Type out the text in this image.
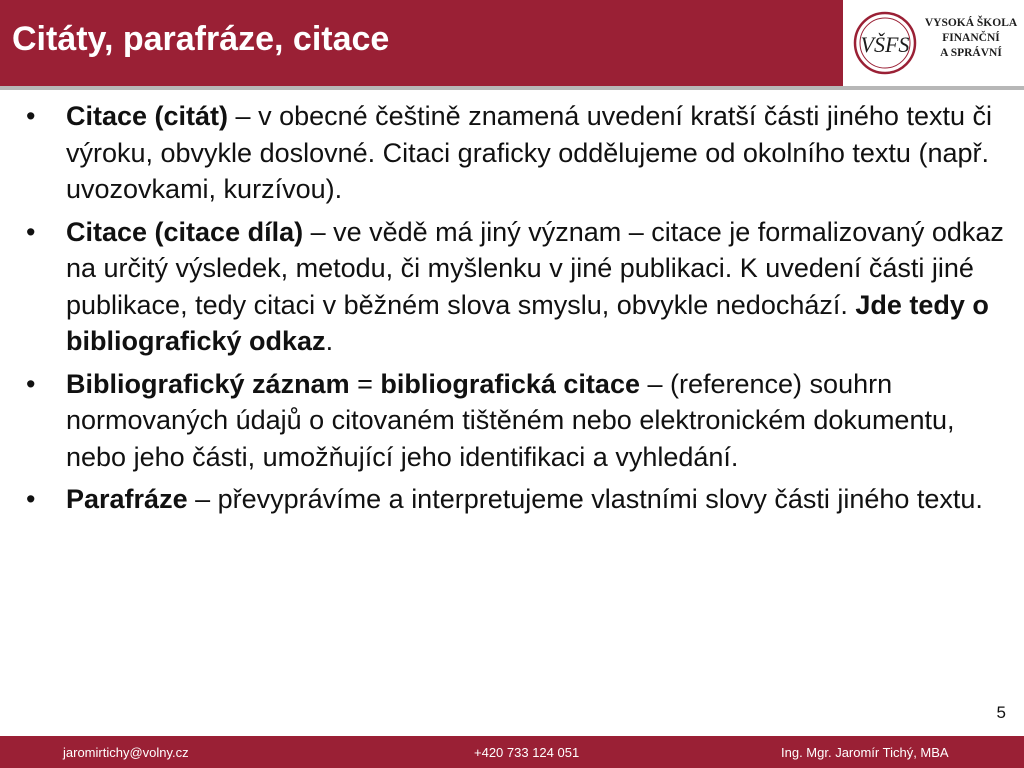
Citáty, parafráze, citace	VŠFS
VYSOKÁ ŠKOLA
FINANČNÍ
A SPRÁVNÍ
• Citace (citát) – v obecné češtině znamená uvedení kratší části jiného textu či výroku, obvykle doslovné. Citaci graficky oddělujeme od okolního textu (např. uvozovkami, kurzívou).
• Citace (citace díla) – ve vědě má jiný význam – citace je formalizovaný odkaz na určitý výsledek, metodu, či myšlenku v jiné publikaci. K uvedení části jiné publikace, tedy citaci v běžném slova smyslu, obvykle nedochází. Jde tedy o bibliografický odkaz.
• Bibliografický záznam = bibliografická citace – (reference) souhrn normovaných údajů o citovaném tištěném nebo elektronickém dokumentu, nebo jeho části, umožňující jeho identifikaci a vyhledání.
• Parafráze – převyprávíme a interpretujeme vlastními slovy části jiného textu.
5
jaromirtichy@volny.cz	+420 733 124 051	Ing. Mgr. Jaromír Tichý, MBA
